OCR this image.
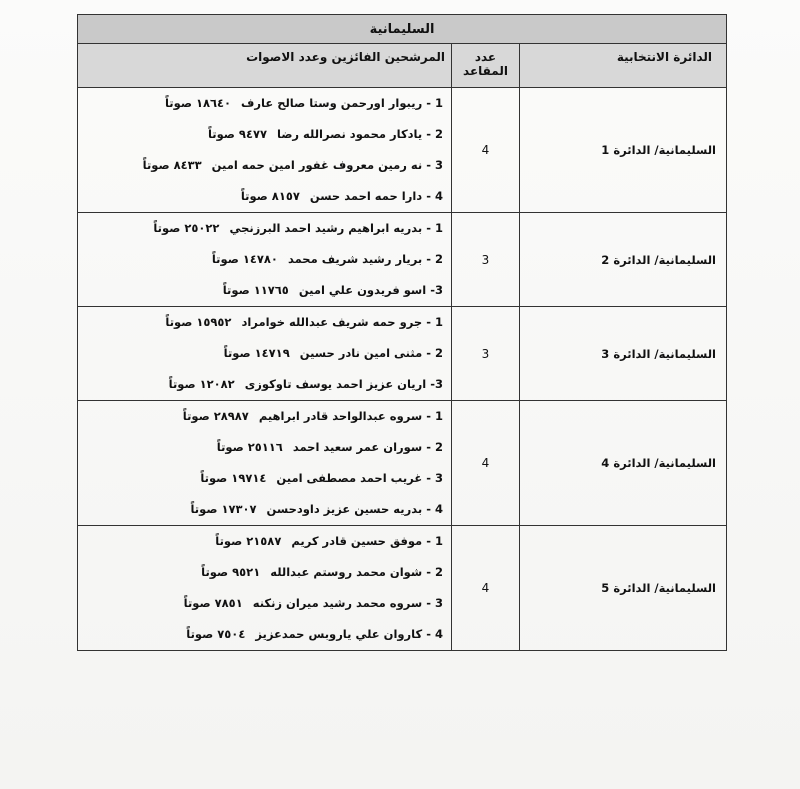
السليمانية		
الدائرة الانتخابية	عدد المقاعد	المرشحين الفائزين وعدد الاصوات
السليمانية/ الدائرة 1	4	1 - ريبوار اورحمن وستا صالح عارف١٨٦٤٠ صوتاً
2 - يادكار محمود نصرالله رضا٩٤٧٧ صوتاً
3 - نه رمين معروف غفور امين حمه امين٨٤٣٣ صوتاً
4 - دارا حمه احمد حسن٨١٥٧ صوتاً

السليمانية/ الدائرة 2	3	1 - بدريه ابراهيم رشيد احمد البرزنجي٢٥٠٢٢ صوتاً
2 - بريار رشيد شريف محمد١٤٧٨٠ صوتاً
3- اسو فريدون علي امين١١٧٦٥ صوتاً

السليمانية/ الدائرة 3	3	1 - جرو حمه شريف عبدالله خوامراد١٥٩٥٢ صوتاً
2 - مثنى امين نادر حسين١٤٧١٩ صوتاً
3- اريان عزيز احمد يوسف تاوكوزى١٢٠٨٢ صوتاً

السليمانية/ الدائرة 4	4	1 - سروه عبدالواحد قادر ابراهيم٢٨٩٨٧ صوتاً
2 - سوران عمر سعيد احمد٢٥١١٦ صوتاً
3 - غريب احمد مصطفى امين١٩٧١٤ صوتاً
4 - بدريه حسين عزيز داودحسن١٧٣٠٧ صوتاً

السليمانية/ الدائرة 5	4	1 - موفق حسين قادر كريم٢١٥٨٧ صوتاً
2 - شوان محمد روستم عبدالله٩٥٢١ صوتاً
3 - سروه محمد رشيد ميران زنكنه٧٨٥١ صوتاً
4 - كاروان علي ياروبس حمدعزيز٧٥٠٤ صوتاً
